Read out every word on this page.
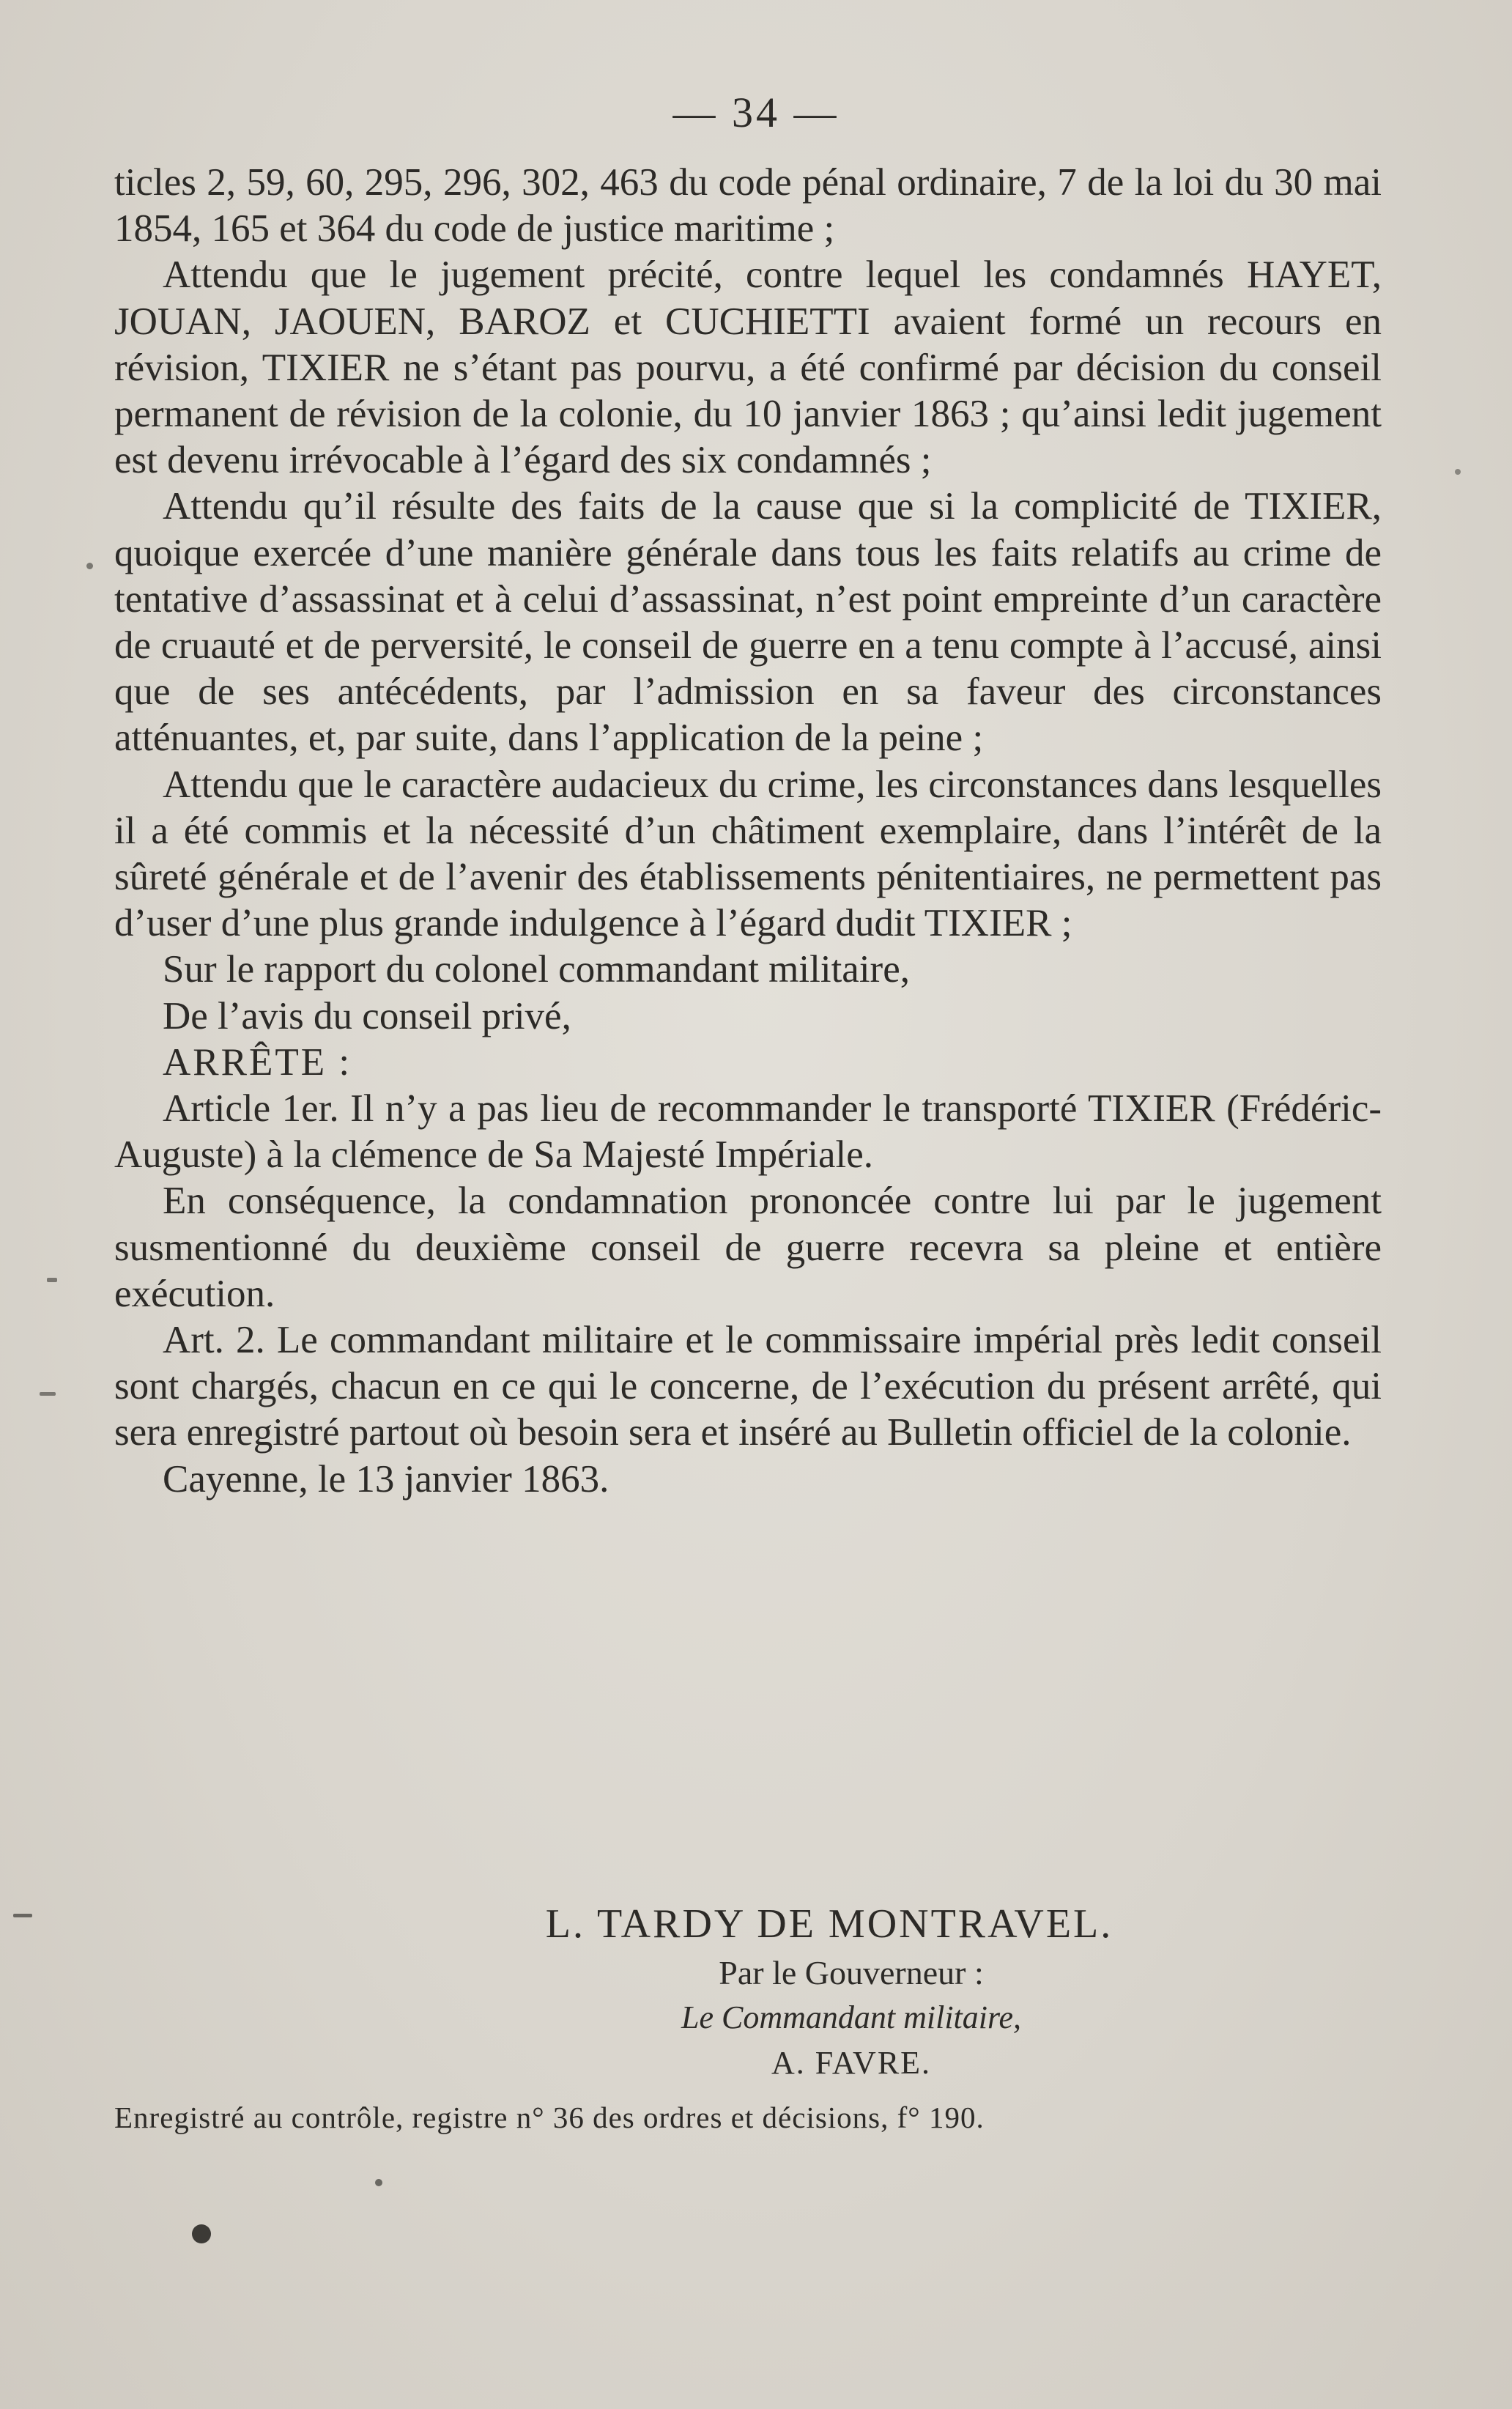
— 34 —

ticles 2, 59, 60, 295, 296, 302, 463 du code pénal ordinaire, 7 de la loi du 30 mai 1854, 165 et 364 du code de justice maritime ;

Attendu que le jugement précité, contre lequel les condamnés HAYET, JOUAN, JAOUEN, BAROZ et CUCHIETTI avaient formé un recours en révision, TIXIER ne s’étant pas pourvu, a été confirmé par décision du conseil permanent de révision de la colonie, du 10 janvier 1863 ; qu’ainsi ledit jugement est devenu irrévocable à l’égard des six condamnés ;

Attendu qu’il résulte des faits de la cause que si la complicité de TIXIER, quoique exercée d’une manière générale dans tous les faits relatifs au crime de tentative d’assassinat et à celui d’assassinat, n’est point empreinte d’un caractère de cruauté et de perversité, le conseil de guerre en a tenu compte à l’accusé, ainsi que de ses antécédents, par l’admission en sa faveur des circonstances atténuantes, et, par suite, dans l’application de la peine ;

Attendu que le caractère audacieux du crime, les circonstances dans lesquelles il a été commis et la nécessité d’un châtiment exemplaire, dans l’intérêt de la sûreté générale et de l’avenir des établissements pénitentiaires, ne permettent pas d’user d’une plus grande indulgence à l’égard dudit TIXIER ;

Sur le rapport du colonel commandant militaire,

De l’avis du conseil privé,

ARRÊTE :

Article 1er. Il n’y a pas lieu de recommander le transporté TIXIER (Frédéric-Auguste) à la clémence de Sa Majesté Impériale.

En conséquence, la condamnation prononcée contre lui par le jugement susmentionné du deuxième conseil de guerre recevra sa pleine et entière exécution.

Art. 2. Le commandant militaire et le commissaire impérial près ledit conseil sont chargés, chacun en ce qui le concerne, de l’exécution du présent arrêté, qui sera enregistré partout où besoin sera et inséré au Bulletin officiel de la colonie.

Cayenne, le 13 janvier 1863.

L. TARDY DE MONTRAVEL.
Par le Gouverneur :
Le Commandant militaire,
A. FAVRE.
Enregistré au contrôle, registre n° 36 des ordres et décisions, f° 190.
